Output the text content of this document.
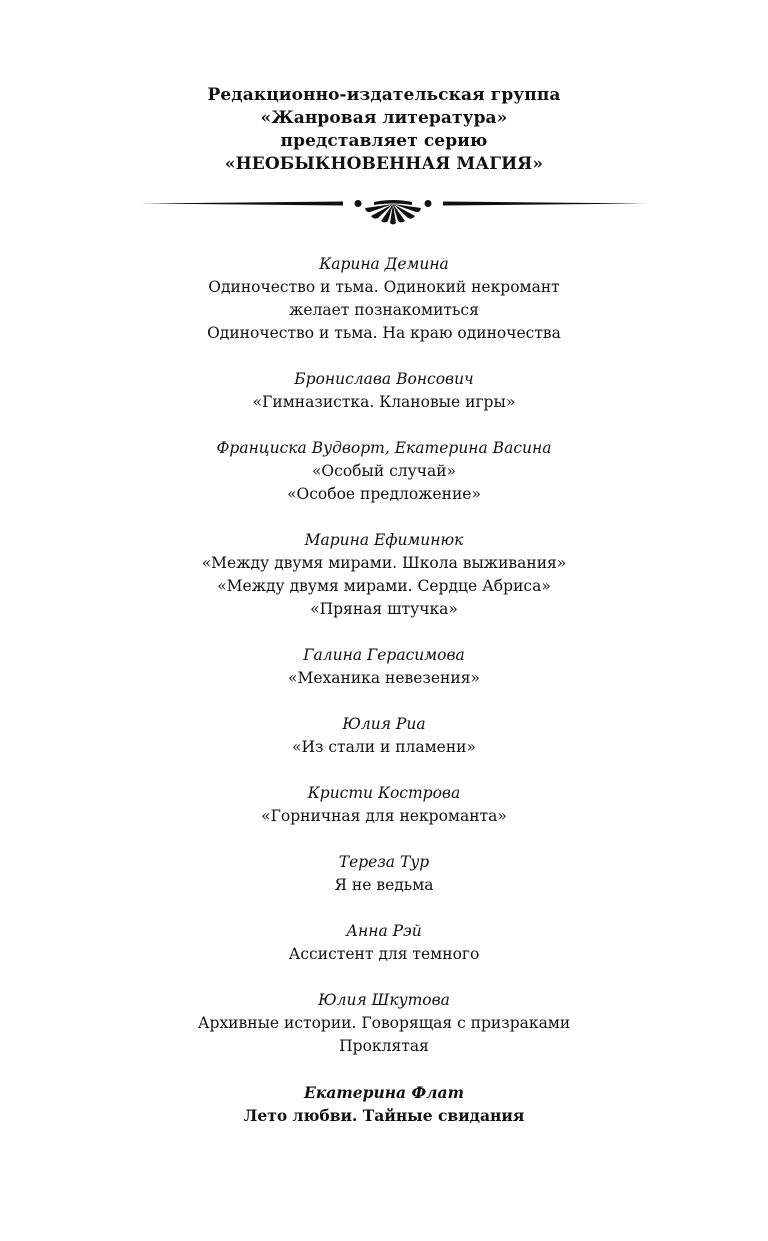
Редакционно-издательская группа
«Жанровая литература»
представляет серию
«НЕОБЫКНОВЕННАЯ МАГИЯ»
Карина Демина
Одиночество и тьма. Одинокий некромант
желает познакомиться
Одиночество и тьма. На краю одиночества
Бронислава Вонсович
«Гимназистка. Клановые игры»
Франциска Вудворт, Екатерина Васина
«Особый случай»
«Особое предложение»
Марина Ефиминюк
«Между двумя мирами. Школа выживания»
«Между двумя мирами. Сердце Абриса»
«Пряная штучка»
Галина Герасимова
«Механика невезения»
Юлия Риа
«Из стали и пламени»
Кристи Кострова
«Горничная для некроманта»
Тереза Тур
Я не ведьма
Анна Рэй
Ассистент для темного
Юлия Шкутова
Архивные истории. Говорящая с призраками
Проклятая
Екатерина Флат
Лето любви. Тайные свидания
